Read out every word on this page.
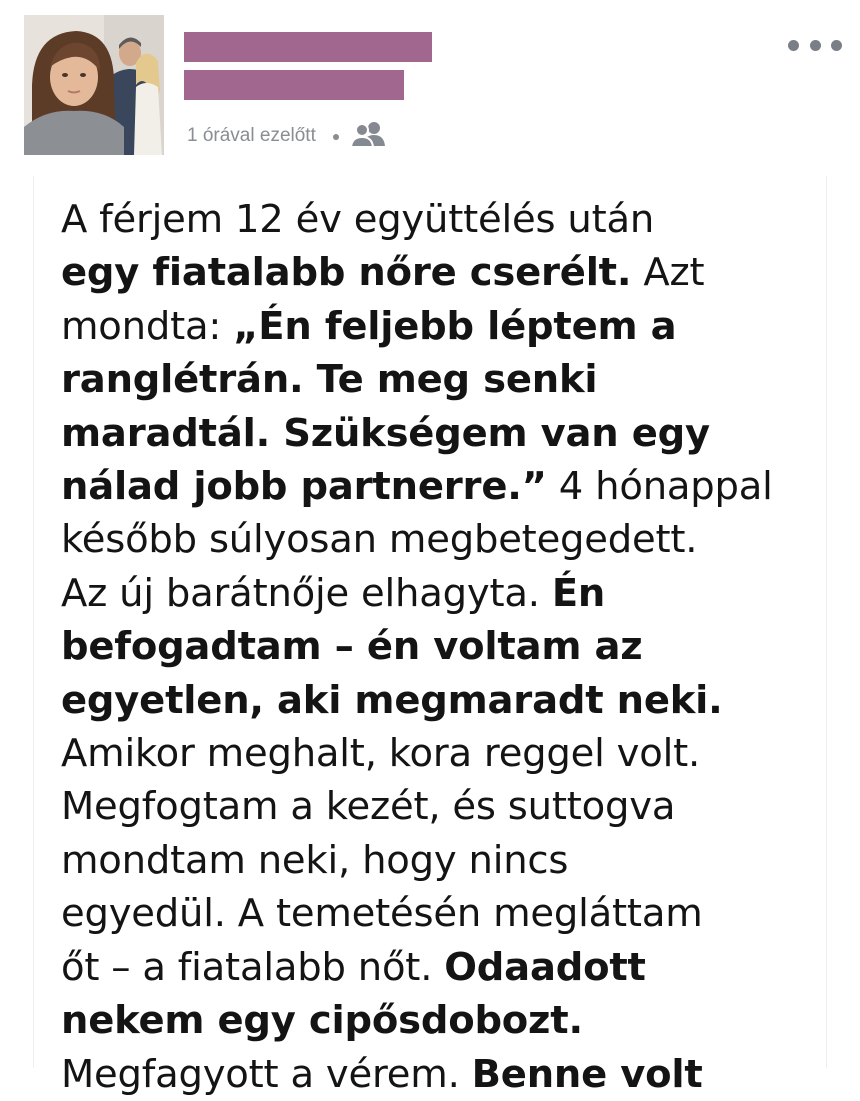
1 órával ezelőtt ●

A férjem 12 év együttélés után
egy fiatalabb nőre cserélt. Azt
mondta: „Én feljebb léptem a
ranglétrán. Te meg senki
maradtál. Szükségem van egy
nálad jobb partnerre.” 4 hónappal
később súlyosan megbetegedett.
Az új barátnője elhagyta. Én
befogadtam – én voltam az
egyetlen, aki megmaradt neki.
Amikor meghalt, kora reggel volt.
Megfogtam a kezét, és suttogva
mondtam neki, hogy nincs
egyedül. A temetésén megláttam
őt – a fiatalabb nőt. Odaadott
nekem egy cipősdobozt.
Megfagyott a vérem. Benne volt
